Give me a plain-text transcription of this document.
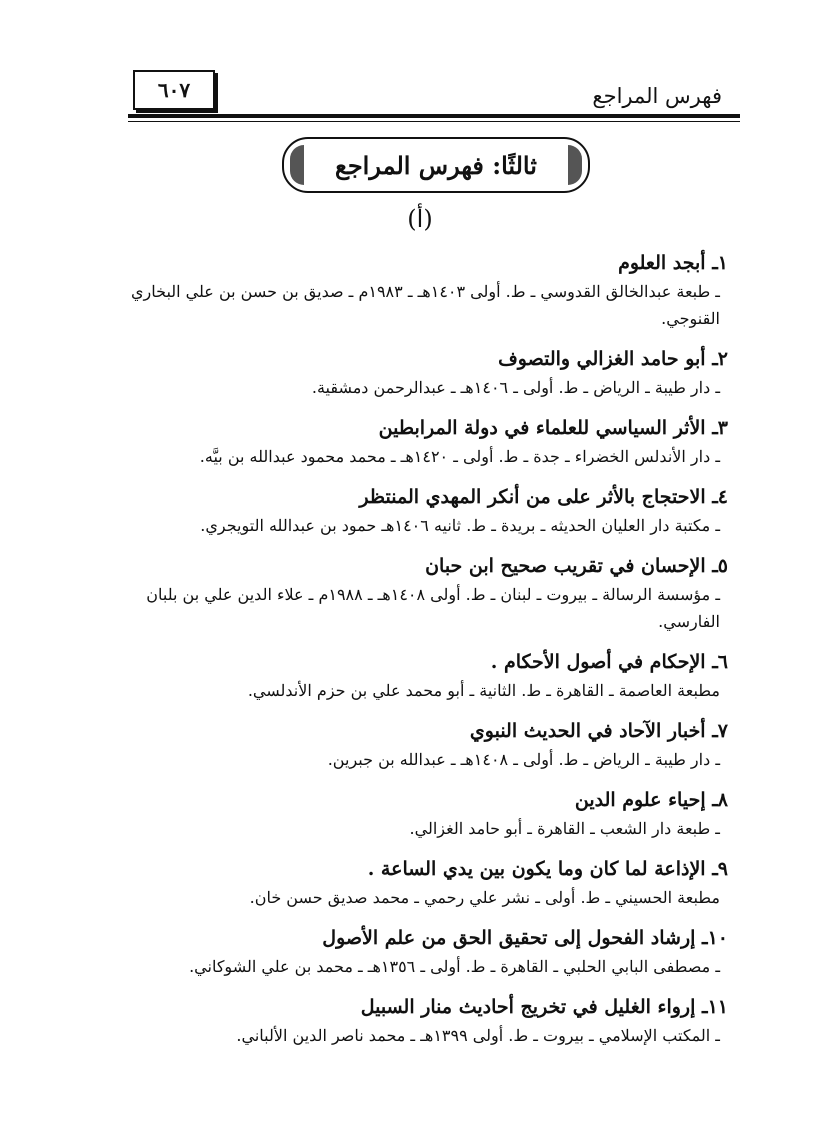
فهرس المراجع
٦٠٧
ثالثًا: فهرس المراجع
(أ)
١ـ أبجد العلوم
ـ طبعة عبدالخالق القدوسي ـ ط. أولى ١٤٠٣هـ ـ ١٩٨٣م ـ صديق بن حسن بن علي البخاري القنوجي.
٢ـ أبو حامد الغزالي والتصوف
ـ دار طيبة ـ الرياض ـ ط. أولى ـ ١٤٠٦هـ ـ عبدالرحمن دمشقية.
٣ـ الأثر السياسي للعلماء في دولة المرابطين
ـ دار الأندلس الخضراء ـ جدة ـ ط. أولى ـ ١٤٢٠هـ ـ محمد محمود عبدالله بن بيَّه.
٤ـ الاحتجاج بالأثر على من أنكر المهدي المنتظر
ـ مكتبة دار العليان الحديثه ـ بريدة ـ ط. ثانيه ١٤٠٦هـ حمود بن عبدالله التويجري.
٥ـ الإحسان في تقريب صحيح ابن حبان
ـ مؤسسة الرسالة ـ بيروت ـ لبنان ـ ط. أولى ١٤٠٨هـ ـ ١٩٨٨م ـ علاء الدين علي بن بلبان الفارسي.
٦ـ الإحكام في أصول الأحكام .
مطبعة العاصمة ـ القاهرة ـ ط. الثانية ـ أبو محمد علي بن حزم الأندلسي.
٧ـ أخبار الآحاد في الحديث النبوي
ـ دار طيبة ـ الرياض ـ ط. أولى ـ ١٤٠٨هـ ـ عبدالله بن جبرين.
٨ـ إحياء علوم الدين
ـ طبعة دار الشعب ـ القاهرة ـ أبو حامد الغزالي.
٩ـ الإذاعة لما كان وما يكون بين يدي الساعة .
مطبعة الحسيني ـ ط. أولى ـ نشر علي رحمي ـ محمد صديق حسن خان.
١٠ـ إرشاد الفحول إلى تحقيق الحق من علم الأصول
ـ مصطفى البابي الحلبي ـ القاهرة ـ ط. أولى ـ ١٣٥٦هـ ـ محمد بن علي الشوكاني.
١١ـ إرواء الغليل في تخريج أحاديث منار السبيل
ـ المكتب الإسلامي ـ بيروت ـ ط. أولى ١٣٩٩هـ ـ محمد ناصر الدين الألباني.
